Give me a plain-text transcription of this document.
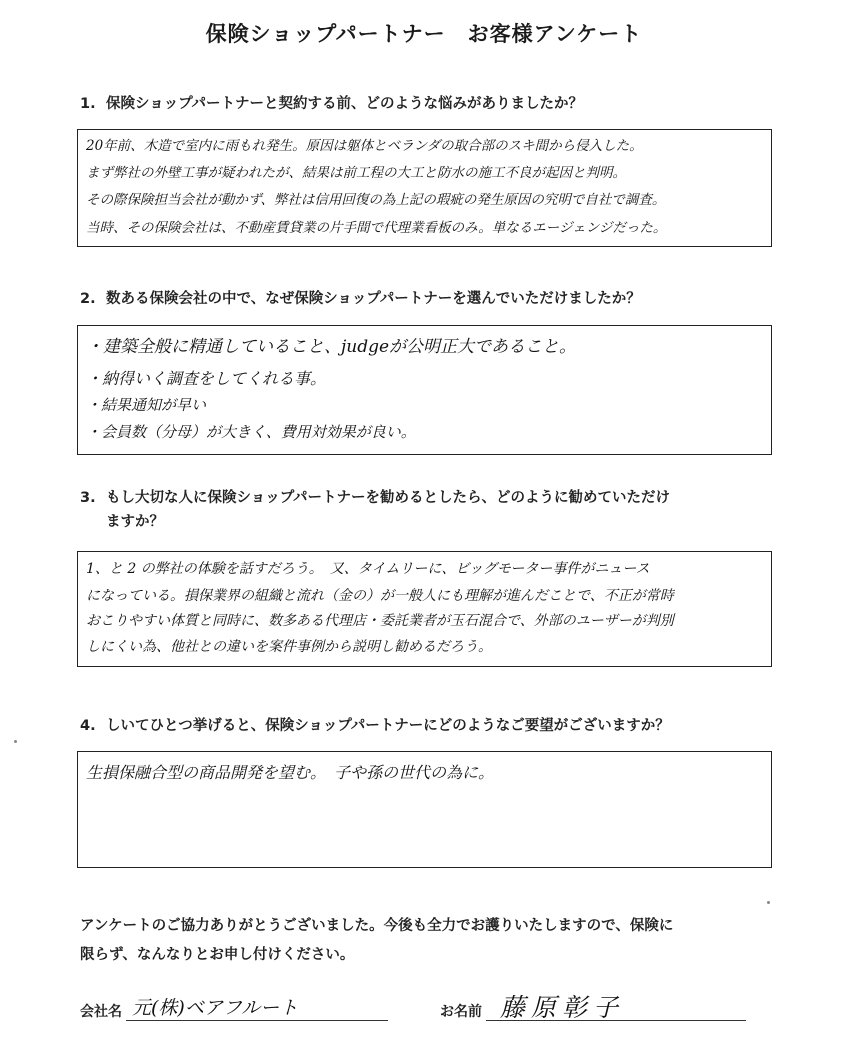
保険ショップパートナー　お客様アンケート
1. 保険ショップパートナーと契約する前、どのような悩みがありましたか？
20年前、木造で室内に雨もれ発生。原因は躯体とベランダの取合部のスキ間から侵入した。
まず弊社の外壁工事が疑われたが、結果は前工程の大工と防水の施工不良が起因と判明。
その際保険担当会社が動かず、弊社は信用回復の為上記の瑕疵の発生原因の究明で自社で調査。
当時、その保険会社は、不動産賃貸業の片手間で代理業看板のみ。単なるエージェンジだった。
2. 数ある保険会社の中で、なぜ保険ショップパートナーを選んでいただけましたか？
・建築全般に精通していること、judgeが公明正大であること。
・納得いく調査をしてくれる事。
・結果通知が早い
・会員数（分母）が大きく、費用対効果が良い。
3. もし大切な人に保険ショップパートナーを勧めるとしたら、どのように勧めていただけ
ますか？
1、と 2 の弊社の体験を話すだろう。　又、タイムリーに、ビッグモーター事件がニュース
になっている。損保業界の組織と流れ（金の）が一般人にも理解が進んだことで、不正が常時
おこりやすい体質と同時に、数多ある代理店・委託業者が玉石混合で、外部のユーザーが判別
しにくい為、他社との違いを案件事例から説明し勧めるだろう。
4. しいてひとつ挙げると、保険ショップパートナーにどのようなご要望がございますか？
生損保融合型の商品開発を望む。　子や孫の世代の為に。
アンケートのご協力ありがとうございました。今後も全力でお護りいたしますので、保険に
限らず、なんなりとお申し付けください。
会社名 元(株)ベアフルート	お名前 藤原彰子
